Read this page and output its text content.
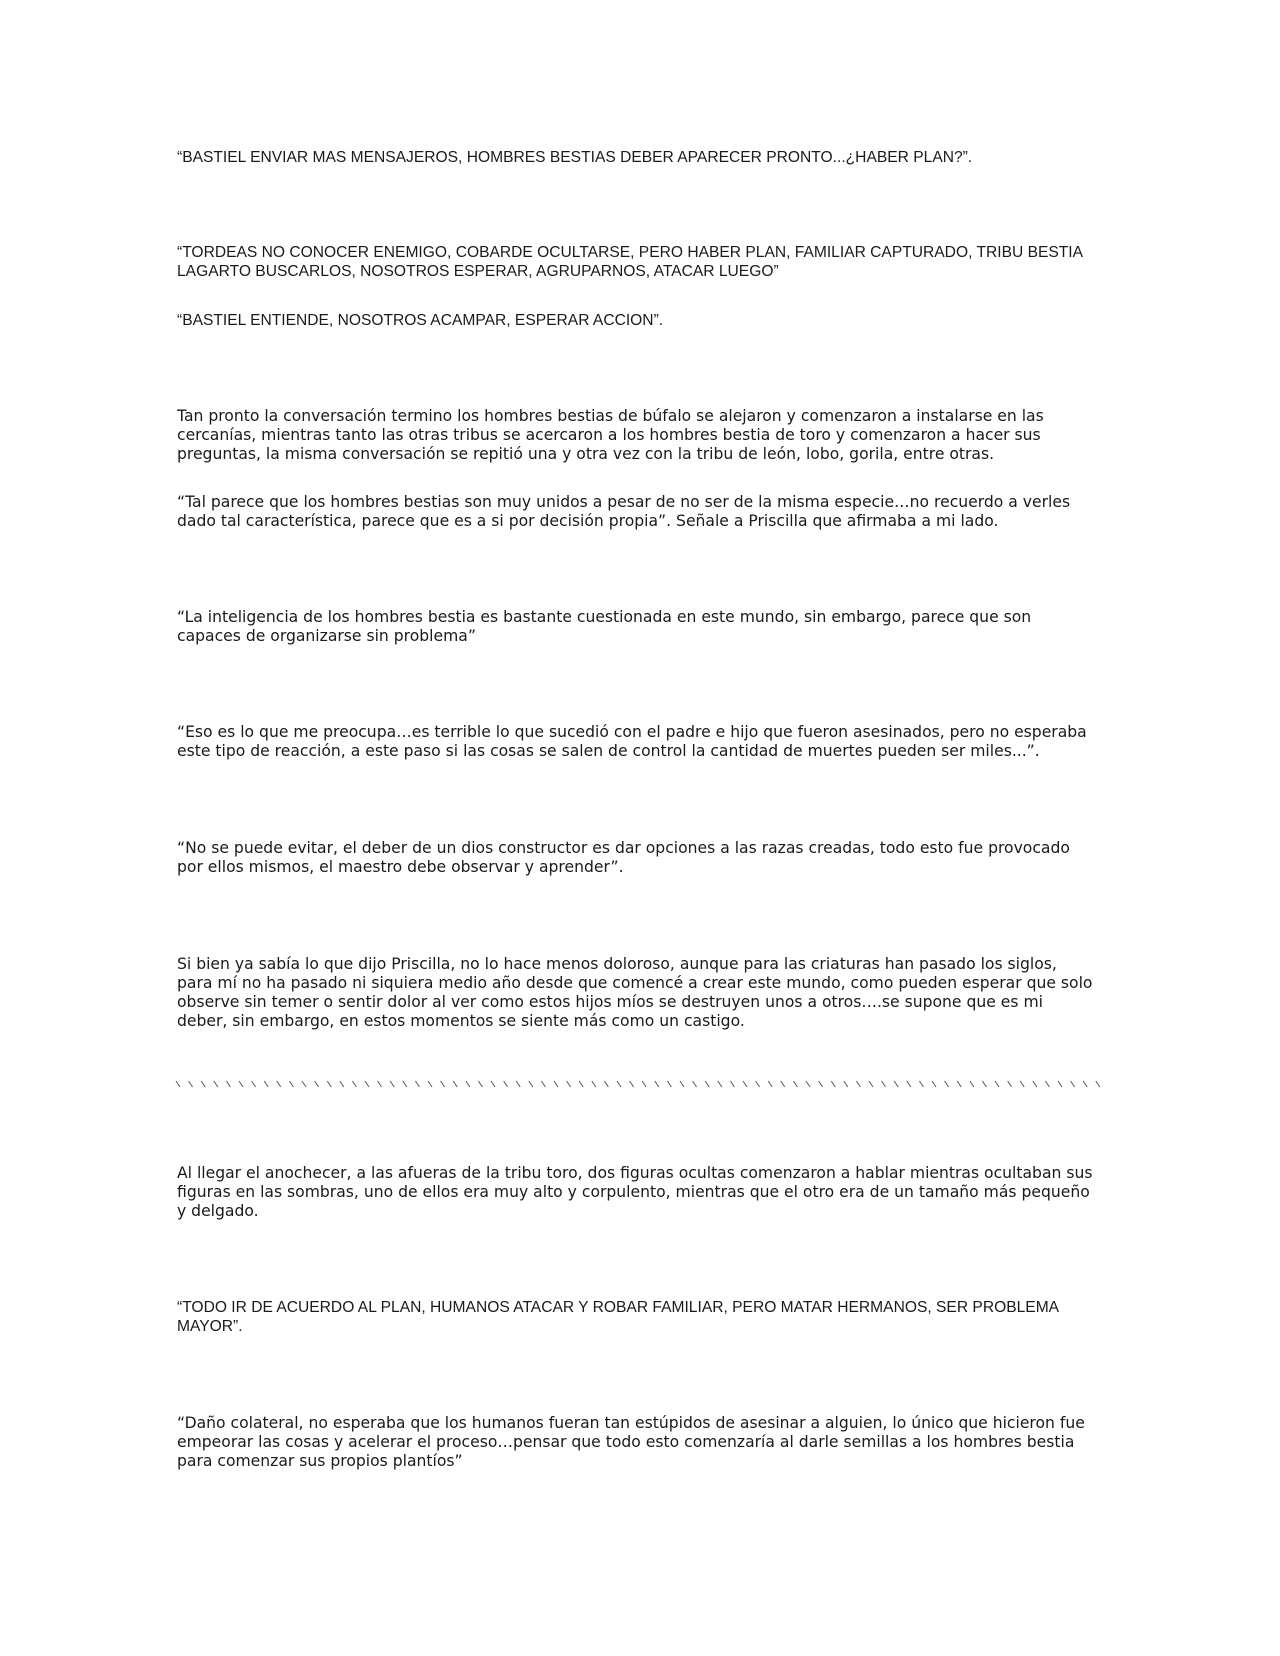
“BASTIEL ENVIAR MAS MENSAJEROS, HOMBRES BESTIAS DEBER APARECER PRONTO...¿HABER PLAN?”.

“TORDEAS NO CONOCER ENEMIGO, COBARDE OCULTARSE, PERO HABER PLAN, FAMILIAR CAPTURADO, TRIBU BESTIA LAGARTO BUSCARLOS, NOSOTROS ESPERAR, AGRUPARNOS, ATACAR LUEGO”

“BASTIEL ENTIENDE, NOSOTROS ACAMPAR, ESPERAR ACCION”.

Tan pronto la conversación termino los hombres bestias de búfalo se alejaron y comenzaron a instalarse en las cercanías, mientras tanto las otras tribus se acercaron a los hombres bestia de toro y comenzaron a hacer sus preguntas, la misma conversación se repitió una y otra vez con la tribu de león, lobo, gorila, entre otras.

“Tal parece que los hombres bestias son muy unidos a pesar de no ser de la misma especie…no recuerdo a verles dado tal característica, parece que es a si por decisión propia”. Señale a Priscilla que afirmaba a mi lado.

“La inteligencia de los hombres bestia es bastante cuestionada en este mundo, sin embargo, parece que son capaces de organizarse sin problema”

“Eso es lo que me preocupa…es terrible lo que sucedió con el padre e hijo que fueron asesinados, pero no esperaba este tipo de reacción, a este paso si las cosas se salen de control la cantidad de muertes pueden ser miles...”.

“No se puede evitar, el deber de un dios constructor es dar opciones a las razas creadas, todo esto fue provocado por ellos mismos, el maestro debe observar y aprender”.

Si bien ya sabía lo que dijo Priscilla, no lo hace menos doloroso, aunque para las criaturas han pasado los siglos, para mí no ha pasado ni siquiera medio año desde que comencé a crear este mundo, como pueden esperar que solo observe sin temer o sentir dolor al ver como estos hijos míos se destruyen unos a otros….se supone que es mi deber, sin embargo, en estos momentos se siente más como un castigo.

Al llegar el anochecer, a las afueras de la tribu toro, dos figuras ocultas comenzaron a hablar mientras ocultaban sus figuras en las sombras, uno de ellos era muy alto y corpulento, mientras que el otro era de un tamaño más pequeño y delgado.

“TODO IR DE ACUERDO AL PLAN, HUMANOS ATACAR Y ROBAR FAMILIAR, PERO MATAR HERMANOS, SER PROBLEMA MAYOR”.

“Daño colateral, no esperaba que los humanos fueran tan estúpidos de asesinar a alguien, lo único que hicieron fue empeorar las cosas y acelerar el proceso…pensar que todo esto comenzaría al darle semillas a los hombres bestia para comenzar sus propios plantíos”
